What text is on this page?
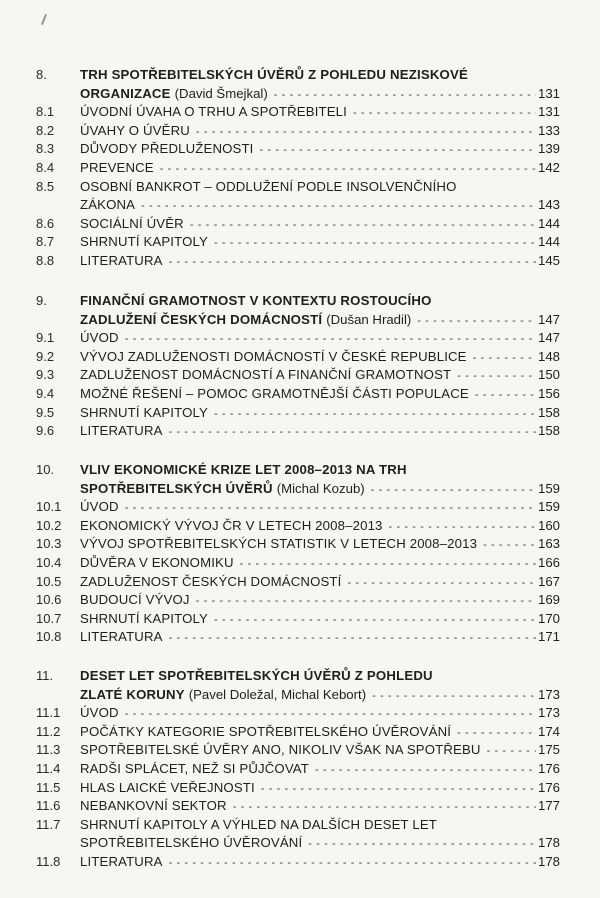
8.	TRH SPOTŘEBITELSKÝCH ÚVĚRŮ Z POHLEDU NEZISKOVÉ
ORGANIZACE (David Šmejkal) - - -	131
8.1 ÚVODNÍ ÚVAHA O TRHU A SPOTŘEBITELI - - -	131
8.2 ÚVAHY O ÚVĚRU - - -	133
8.3 DŮVODY PŘEDLUŽENOSTI - - -	139
8.4 PREVENCE - - -	142
8.5 OSOBNÍ BANKROT – ODDLUŽENÍ PODLE INSOLVENČNÍHO
ZÁKONA - - -	143
8.6 SOCIÁLNÍ ÚVĚR - - -	144
8.7 SHRNUTÍ KAPITOLY - - -	144
8.8 LITERATURA - - -	145
9.	FINANČNÍ GRAMOTNOST V KONTEXTU ROSTOUCÍHO
ZADLUŽENÍ ČESKÝCH DOMÁCNOSTÍ (Dušan Hradil) - - -	147
9.1 ÚVOD - - -	147
9.2 VÝVOJ ZADLUŽENOSTI DOMÁCNOSTÍ V ČESKÉ REPUBLICE - - -	148
9.3 ZADLUŽENOST DOMÁCNOSTÍ A FINANČNÍ GRAMOTNOST - - -	150
9.4 MOŽNÉ ŘEŠENÍ – POMOC GRAMOTNĚJŠÍ ČÁSTI POPULACE - - -	156
9.5 SHRNUTÍ KAPITOLY - - -	158
9.6 LITERATURA - - -	158
10. VLIV EKONOMICKÉ KRIZE LET 2008–2013 NA TRH
SPOTŘEBITELSKÝCH ÚVĚRŮ (Michal Kozub) - - -	159
10.1 ÚVOD - - -	159
10.2 EKONOMICKÝ VÝVOJ ČR V LETECH 2008–2013 - - -	160
10.3 VÝVOJ SPOTŘEBITELSKÝCH STATISTIK V LETECH 2008–2013 - - -	163
10.4 DŮVĚRA V EKONOMIKU - - -	166
10.5 ZADLUŽENOST ČESKÝCH DOMÁCNOSTÍ - - -	167
10.6 BUDOUCÍ VÝVOJ - - -	169
10.7 SHRNUTÍ KAPITOLY - - -	170
10.8 LITERATURA - - -	171
11. DESET LET SPOTŘEBITELSKÝCH ÚVĚRŮ Z POHLEDU
ZLATÉ KORUNY (Pavel Doležal, Michal Kebort) - - -	173
11.1 ÚVOD - - -	173
11.2 POČÁTKY KATEGORIE SPOTŘEBITELSKÉHO ÚVĚROVÁNÍ - - -	174
11.3 SPOTŘEBITELSKÉ ÚVĚRY ANO, NIKOLIV VŠAK NA SPOTŘEBU - - -	175
11.4 RADŠI SPLÁCET, NEŽ SI PŮJČOVAT - - -	176
11.5 HLAS LAICKÉ VEŘEJNOSTI - - -	176
11.6 NEBANKOVNÍ SEKTOR - - -	177
11.7 SHRNUTÍ KAPITOLY A VÝHLED NA DALŠÍCH DESET LET
SPOTŘEBITELSKÉHO ÚVĚROVÁNÍ - - -	178
11.8 LITERATURA - - -	178
